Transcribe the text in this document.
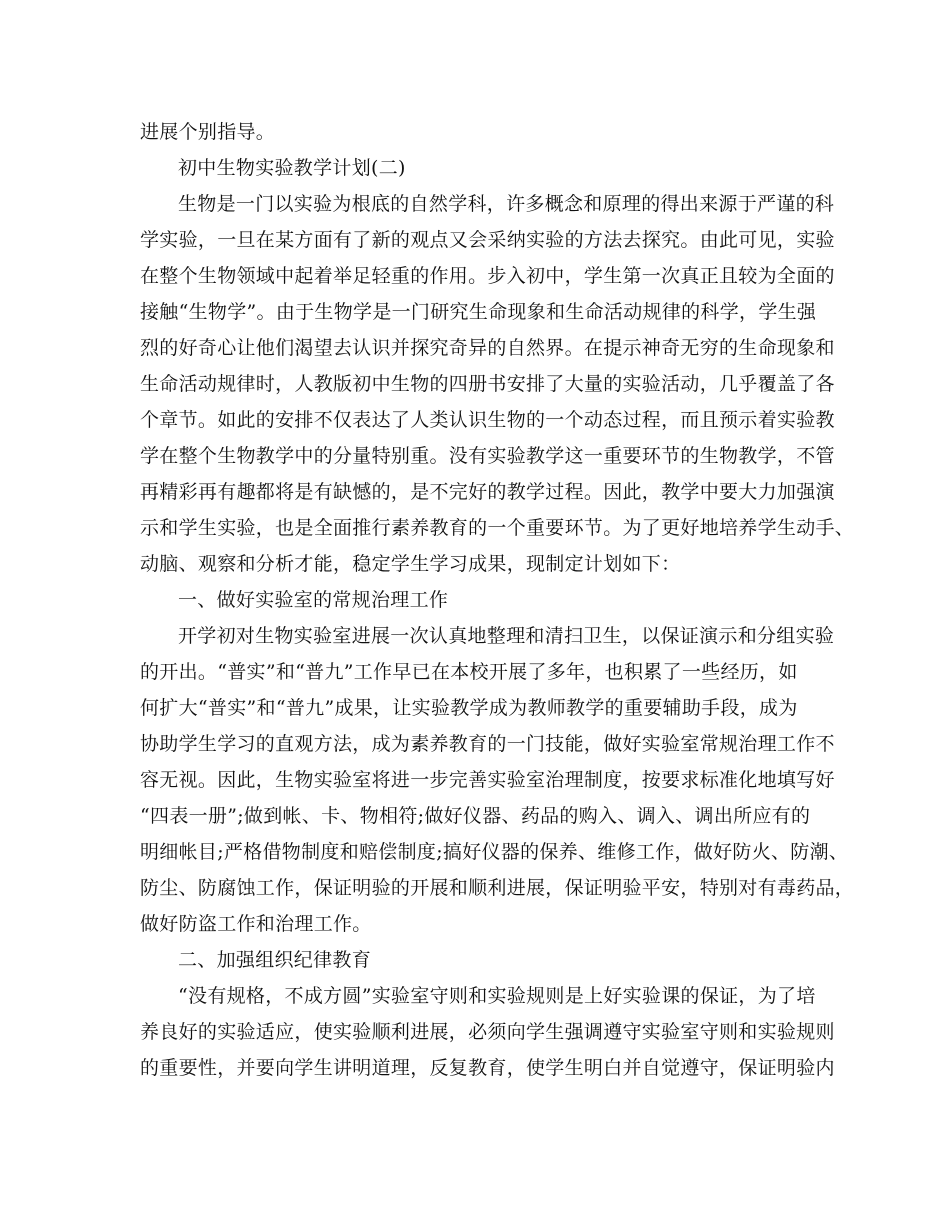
进展个别指导。
初中生物实验教学计划(二)
生物是一门以实验为根底的自然学科，许多概念和原理的得出来源于严谨的科
学实验，一旦在某方面有了新的观点又会采纳实验的方法去探究。由此可见，实验
在整个生物领域中起着举足轻重的作用。步入初中，学生第一次真正且较为全面的
接触“生物学”。由于生物学是一门研究生命现象和生命活动规律的科学，学生强
烈的好奇心让他们渴望去认识并探究奇异的自然界。在提示神奇无穷的生命现象和
生命活动规律时，人教版初中生物的四册书安排了大量的实验活动，几乎覆盖了各
个章节。如此的安排不仅表达了人类认识生物的一个动态过程，而且预示着实验教
学在整个生物教学中的分量特别重。没有实验教学这一重要环节的生物教学，不管
再精彩再有趣都将是有缺憾的，是不完好的教学过程。因此，教学中要大力加强演
示和学生实验，也是全面推行素养教育的一个重要环节。为了更好地培养学生动手、
动脑、观察和分析才能，稳定学生学习成果，现制定计划如下：
一、做好实验室的常规治理工作
开学初对生物实验室进展一次认真地整理和清扫卫生，以保证演示和分组实验
的开出。“普实”和“普九”工作早已在本校开展了多年，也积累了一些经历，如
何扩大“普实”和“普九”成果，让实验教学成为教师教学的重要辅助手段，成为
协助学生学习的直观方法，成为素养教育的一门技能，做好实验室常规治理工作不
容无视。因此，生物实验室将进一步完善实验室治理制度，按要求标准化地填写好
“四表一册”;做到帐、卡、物相符;做好仪器、药品的购入、调入、调出所应有的
明细帐目;严格借物制度和赔偿制度;搞好仪器的保养、维修工作，做好防火、防潮、
防尘、防腐蚀工作，保证明验的开展和顺利进展，保证明验平安，特别对有毒药品，
做好防盗工作和治理工作。
二、加强组织纪律教育
“没有规格，不成方圆”实验室守则和实验规则是上好实验课的保证，为了培
养良好的实验适应，使实验顺利进展，必须向学生强调遵守实验室守则和实验规则
的重要性，并要向学生讲明道理，反复教育，使学生明白并自觉遵守，保证明验内
